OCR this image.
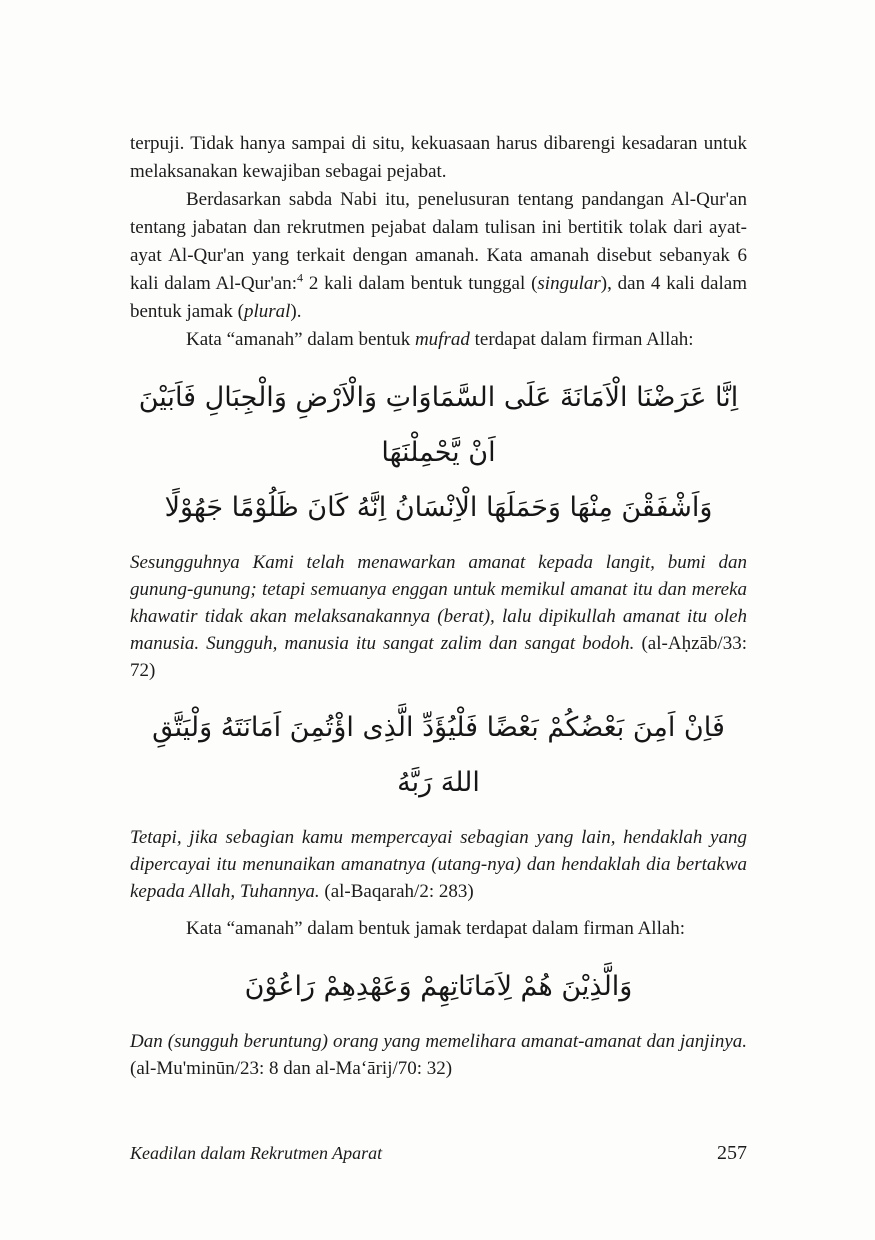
terpuji. Tidak hanya sampai di situ, kekuasaan harus dibarengi kesadaran untuk melaksanakan kewajiban sebagai pejabat.

Berdasarkan sabda Nabi itu, penelusuran tentang pandangan Al-Qur'an tentang jabatan dan rekrutmen pejabat dalam tulisan ini bertitik tolak dari ayat-ayat Al-Qur'an yang terkait dengan amanah. Kata amanah disebut sebanyak 6 kali dalam Al-Qur'an:$^4$ 2 kali dalam bentuk tunggal (singular), dan 4 kali dalam bentuk jamak (plural).

Kata “amanah” dalam bentuk mufrad terdapat dalam firman Allah:

اِنَّا عَرَضْنَا الْاَمَانَةَ عَلَى السَّمَاوَاتِ وَالْاَرْضِ وَالْجِبَالِ فَاَبَيْنَ اَنْ يَّحْمِلْنَهَا
وَاَشْفَقْنَ مِنْهَا وَحَمَلَهَا الْاِنْسَانُ اِنَّهُ كَانَ ظَلُوْمًا جَهُوْلًا

Sesungguhnya Kami telah menawarkan amanat kepada langit, bumi dan gunung-gunung; tetapi semuanya enggan untuk memikul amanat itu dan mereka khawatir tidak akan melaksanakannya (berat), lalu dipikullah amanat itu oleh manusia. Sungguh, manusia itu sangat zalim dan sangat bodoh. (al-Aḥzāb/33: 72)

فَاِنْ اَمِنَ بَعْضُكُمْ بَعْضًا فَلْيُؤَدِّ الَّذِى اؤْتُمِنَ اَمَانَتَهُ وَلْيَتَّقِ اللهَ رَبَّهُ

Tetapi, jika sebagian kamu mempercayai sebagian yang lain, hendaklah yang dipercayai itu menunaikan amanatnya (utang-nya) dan hendaklah dia bertakwa kepada Allah, Tuhannya. (al-Baqarah/2: 283)

Kata “amanah” dalam bentuk jamak terdapat dalam firman Allah:

وَالَّذِيْنَ هُمْ لِاَمَانَاتِهِمْ وَعَهْدِهِمْ رَاعُوْنَ

Dan (sungguh beruntung) orang yang memelihara amanat-amanat dan janjinya. (al-Mu'minūn/23: 8 dan al-Ma‘ārij/70: 32)

Keadilan dalam Rekrutmen Aparat	257
